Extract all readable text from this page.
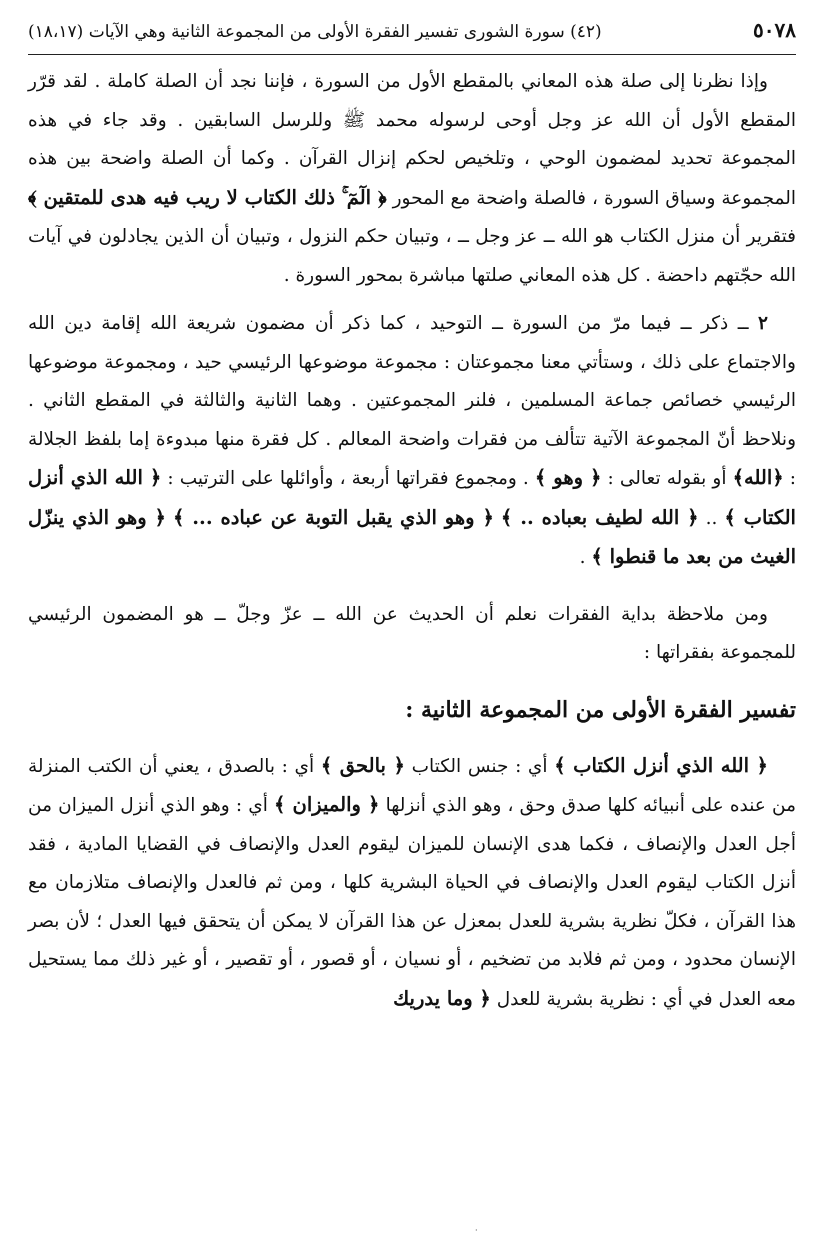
٥٠٧٨
(٤٢) سورة الشورى تفسير الفقرة الأولى من المجموعة الثانية وهي الآيات (١٨،١٧)

وإذا نظرنا إلى صلة هذه المعاني بالمقطع الأول من السورة ، فإننا نجد أن الصلة كاملة . لقد قرّر المقطع الأول أن الله عز وجل أوحى لرسوله محمد ﷺ وللرسل السابقين . وقد جاء في هذه المجموعة تحديد لمضمون الوحي ، وتلخيص لحكم إنزال القرآن . وكما أن الصلة واضحة بين هذه المجموعة وسياق السورة ، فالصلة واضحة مع المحور ﴿ الٓمٓ ۚ ذلك الكتاب لا ريب فيه هدى للمتقين ﴾ فتقرير أن منزل الكتاب هو الله ــ عز وجل ــ ، وتبيان حكم النزول ، وتبيان أن الذين يجادلون في آيات الله حجّتهم داحضة . كل هذه المعاني صلتها مباشرة بمحور السورة .

٢ ــ ذكر ــ فيما مرّ من السورة ــ التوحيد ، كما ذكر أن مضمون شريعة الله إقامة دين الله والاجتماع على ذلك ، وستأتي معنا مجموعتان : مجموعة موضوعها الرئيسي حيد ، ومجموعة موضوعها الرئيسي خصائص جماعة المسلمين ، فلنر المجموعتين . وهما الثانية والثالثة في المقطع الثاني . ونلاحظ أنّ المجموعة الآتية تتألف من فقرات واضحة المعالم . كل فقرة منها مبدوءة إما بلفظ الجلالة : ﴿الله﴾ أو بقوله تعالى : ﴿ وهو ﴾ . ومجموع فقراتها أربعة ، وأوائلها على الترتيب : ﴿ الله الذي أنزل الكتاب ﴾ .. ﴿ الله لطيف بعباده .. ﴾ ﴿ وهو الذي يقبل التوبة عن عباده ... ﴾ ﴿ وهو الذي ينزّل الغيث من بعد ما قنطوا ﴾ .

ومن ملاحظة بداية الفقرات نعلم أن الحديث عن الله ــ عزّ وجلّ ــ هو المضمون الرئيسي للمجموعة بفقراتها :

تفسير الفقرة الأولى من المجموعة الثانية :

﴿ الله الذي أنزل الكتاب ﴾ أي : جنس الكتاب ﴿ بالحق ﴾ أي : بالصدق ، يعني أن الكتب المنزلة من عنده على أنبيائه كلها صدق وحق ، وهو الذي أنزلها ﴿ والميزان ﴾ أي : وهو الذي أنزل الميزان من أجل العدل والإنصاف ، فكما هدى الإنسان للميزان ليقوم العدل والإنصاف في القضايا المادية ، فقد أنزل الكتاب ليقوم العدل والإنصاف في الحياة البشرية كلها ، ومن ثم فالعدل والإنصاف متلازمان مع هذا القرآن ، فكلّ نظرية بشرية للعدل بمعزل عن هذا القرآن لا يمكن أن يتحقق فيها العدل ؛ لأن بصر الإنسان محدود ، ومن ثم فلابد من تضخيم ، أو نسيان ، أو قصور ، أو تقصير ، أو غير ذلك مما يستحيل معه العدل في أي : نظرية بشرية للعدل ﴿ وما يدريك

·
